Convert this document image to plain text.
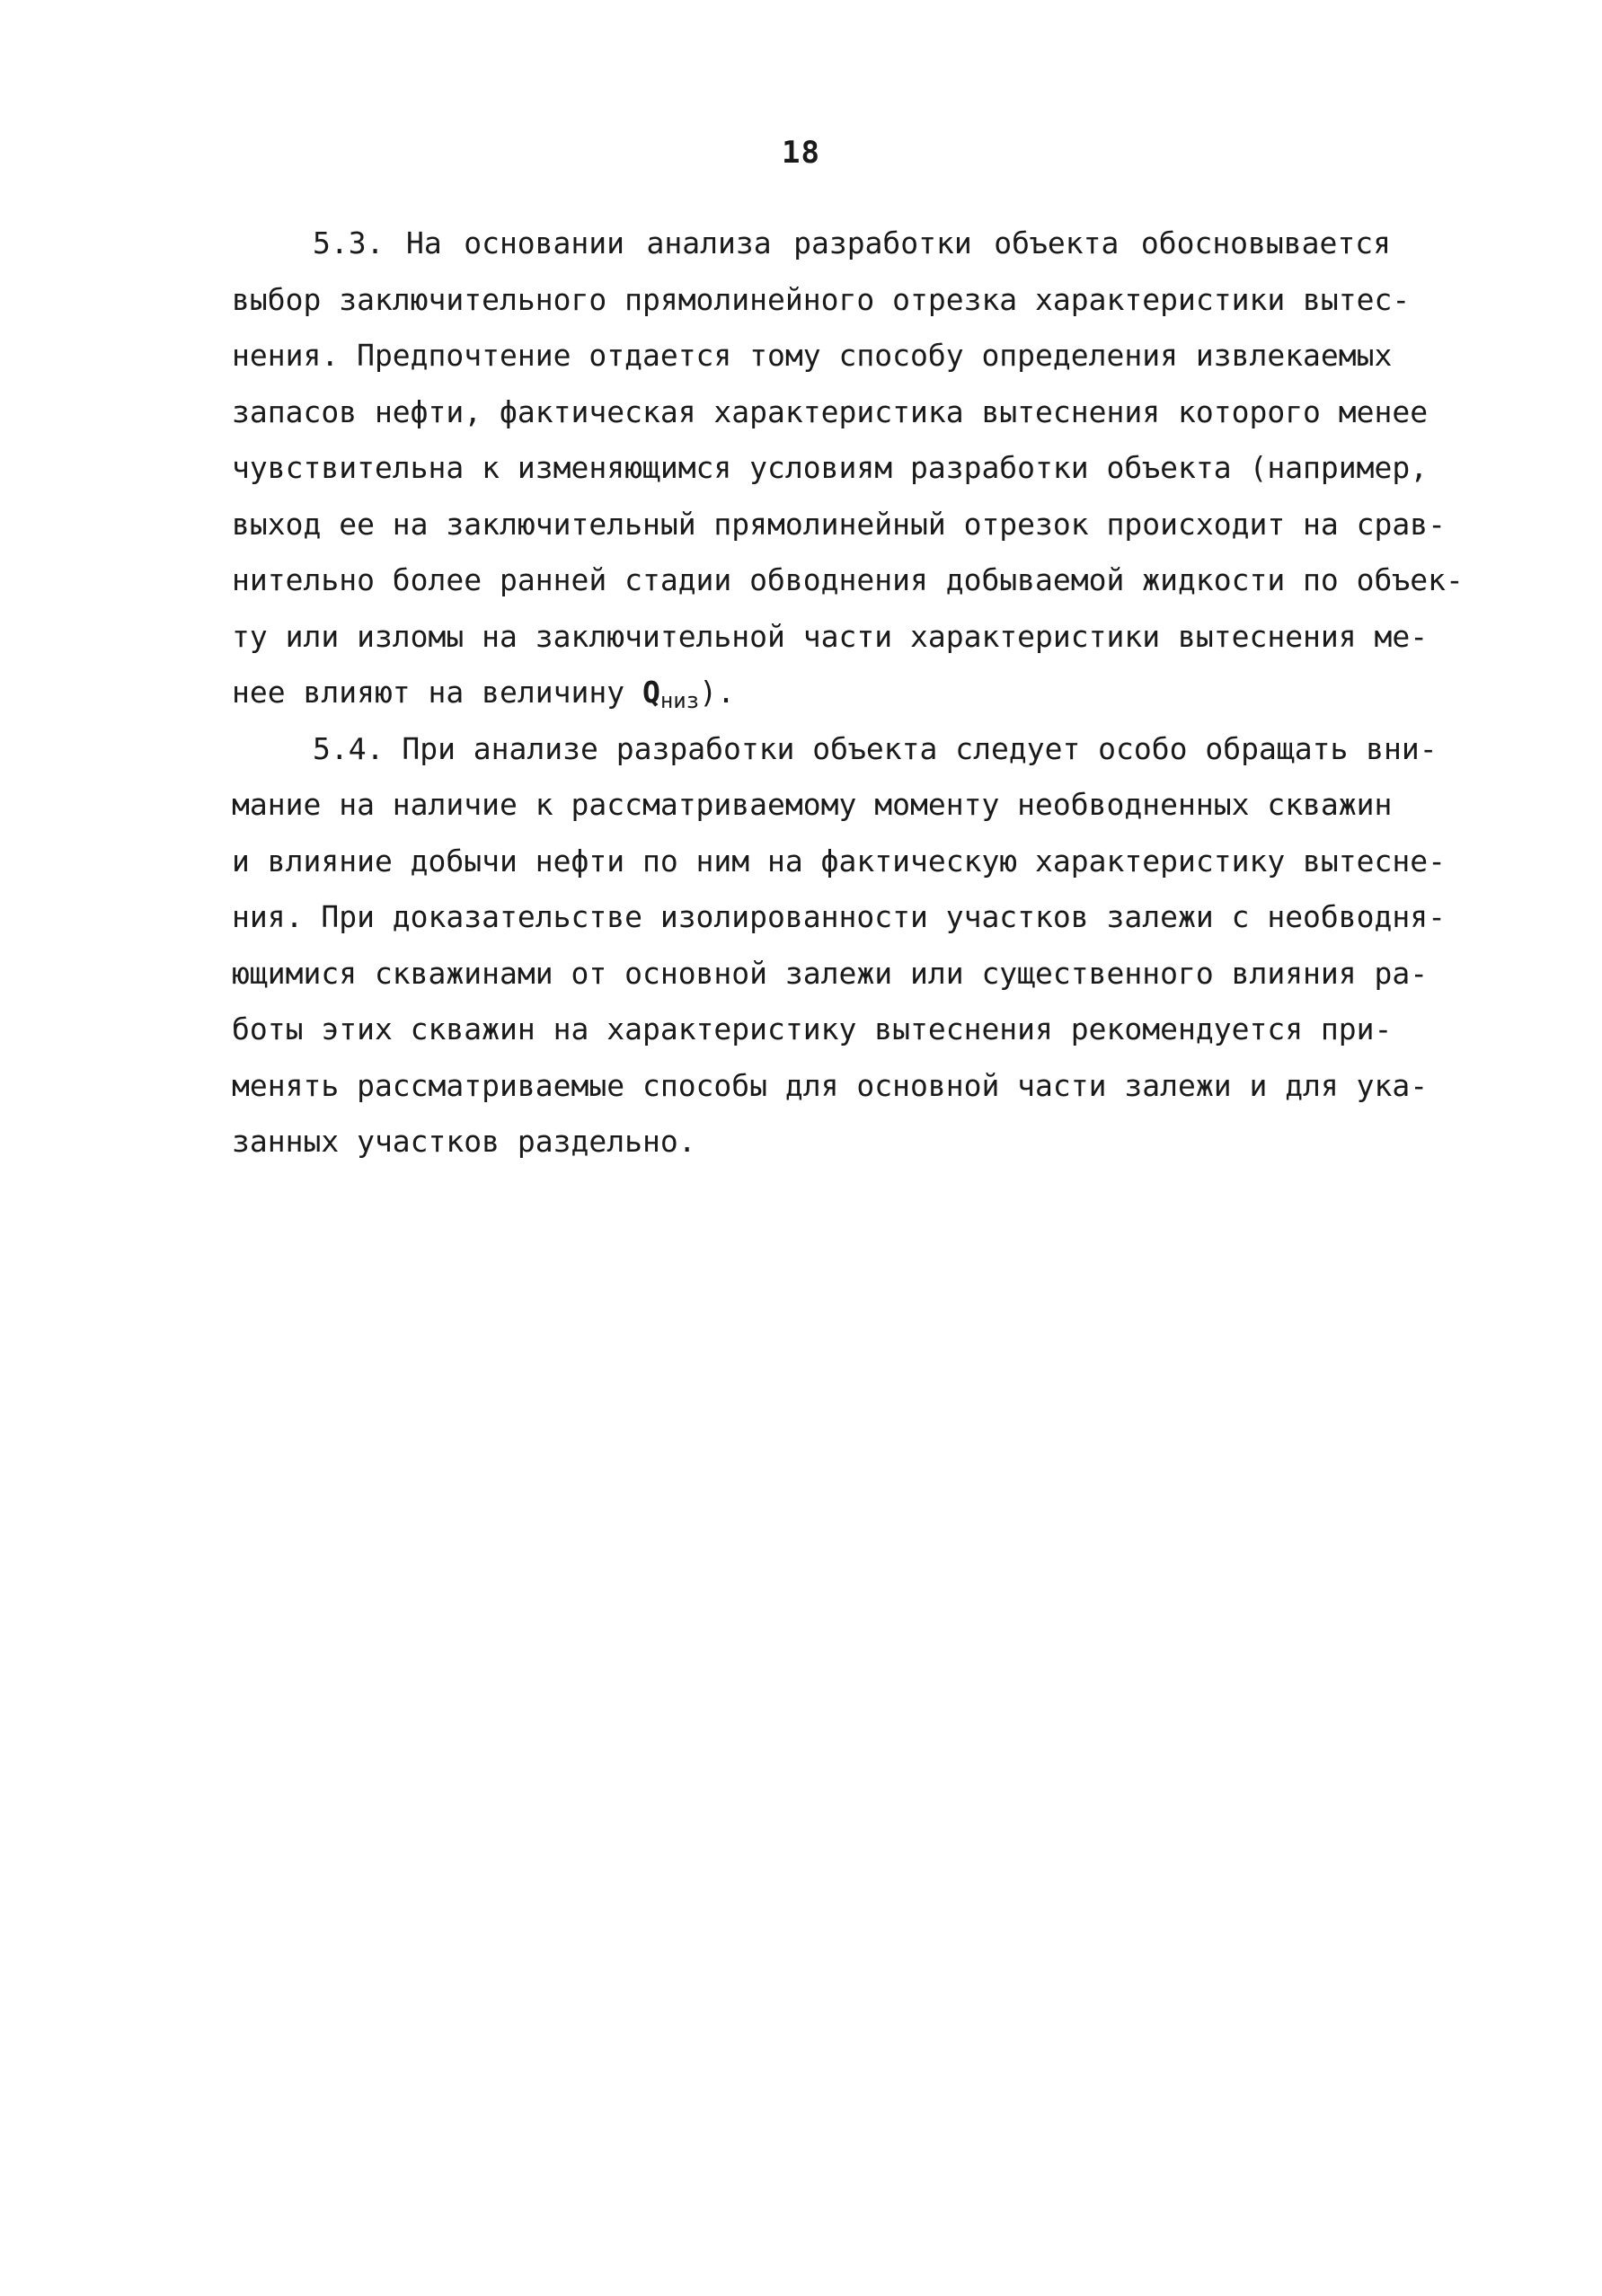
18
5.3. На основании анализа разработки объекта обосновывается
выбор заключительного прямолинейного отрезка характеристики вытес-
нения. Предпочтение отдается тому способу определения извлекаемых
запасов нефти, фактическая характеристика вытеснения которого менее
чувствительна к изменяющимся условиям разработки объекта (например,
выход ее на заключительный прямолинейный отрезок происходит на срав-
нительно более ранней стадии обводнения добываемой жидкости по объек-
ту или изломы на заключительной части характеристики вытеснения ме-
нее влияют на величину $Q_{низ}$).
5.4. При анализе разработки объекта следует особо обращать вни-
мание на наличие к рассматриваемому моменту необводненных скважин
и влияние добычи нефти по ним на фактическую характеристику вытесне-
ния. При доказательстве изолированности участков залежи с необводня-
ющимися скважинами от основной залежи или существенного влияния ра-
боты этих скважин на характеристику вытеснения рекомендуется при-
менять рассматриваемые способы для основной части залежи и для ука-
занных участков раздельно.
